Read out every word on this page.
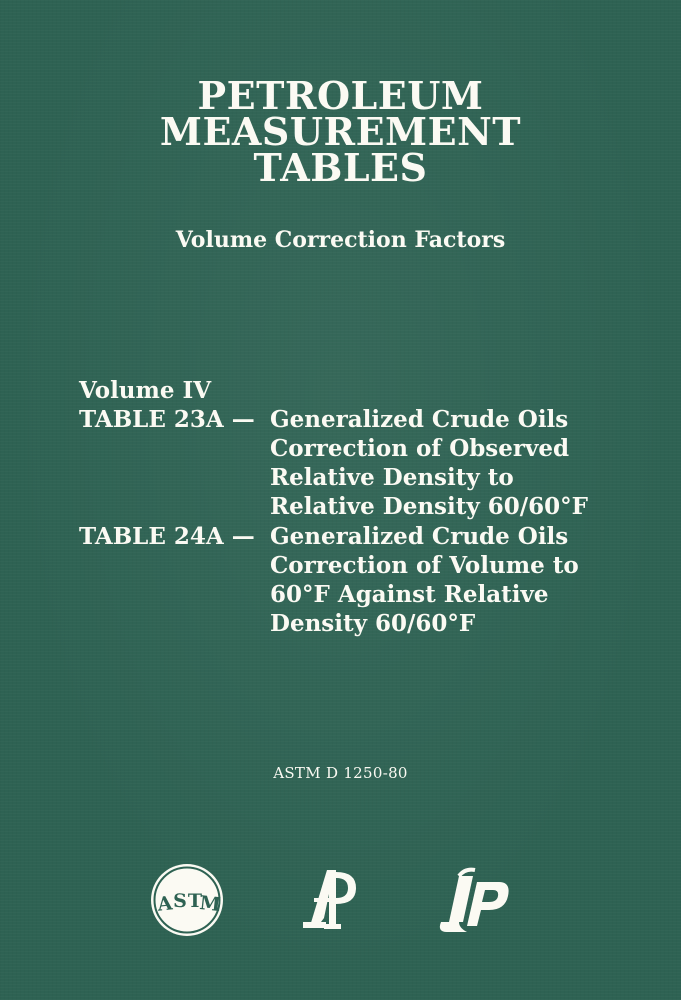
PETROLEUM
MEASUREMENT
TABLES
Volume Correction Factors
Volume IV
TABLE 23A — Generalized Crude Oils
Correction of Observed
Relative Density to
Relative Density 60/60°F
TABLE 24A — Generalized Crude Oils
Correction of Volume to
60°F Against Relative
Density 60/60°F
ASTM D 1250-80
A S T
M
